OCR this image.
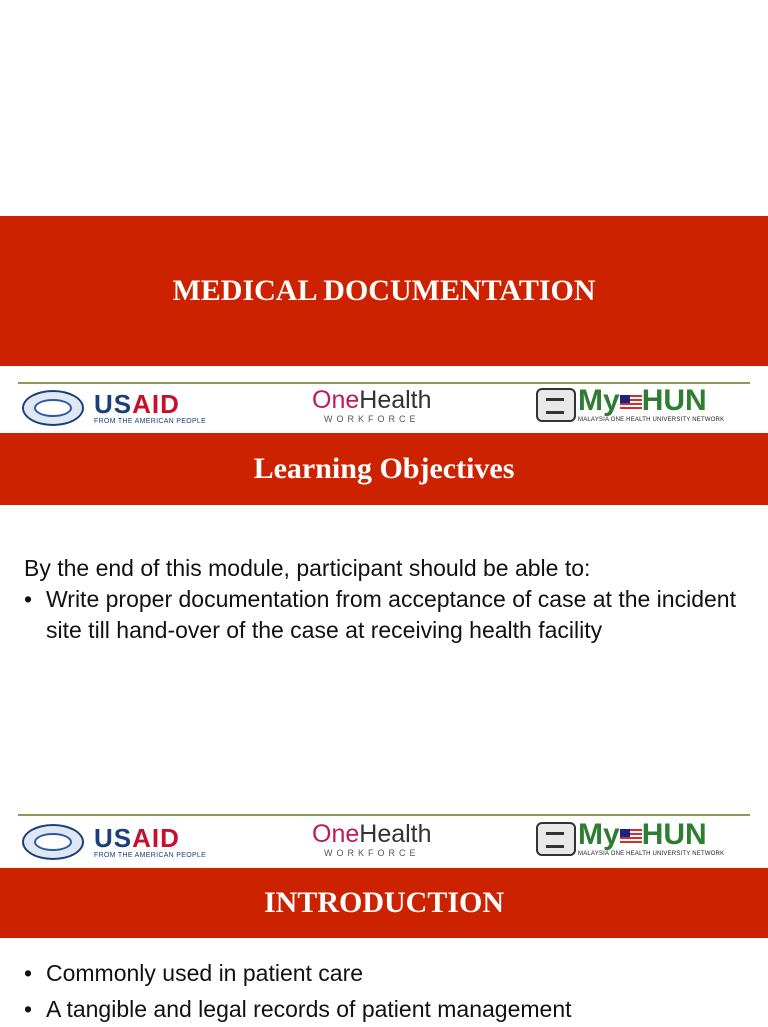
MEDICAL DOCUMENTATION
USAID
FROM THE AMERICAN PEOPLE
OneHealth
WORKFORCE
My HUN
MALAYSIA ONE HEALTH UNIVERSITY NETWORK
Learning Objectives
By the end of this module, participant should be able to:
• Write proper documentation from acceptance of case at the incident site till hand-over of the case at receiving health facility
USAID
FROM THE AMERICAN PEOPLE
OneHealth
WORKFORCE
My HUN
MALAYSIA ONE HEALTH UNIVERSITY NETWORK
INTRODUCTION
• Commonly used in patient care
• A tangible and legal records of patient management
